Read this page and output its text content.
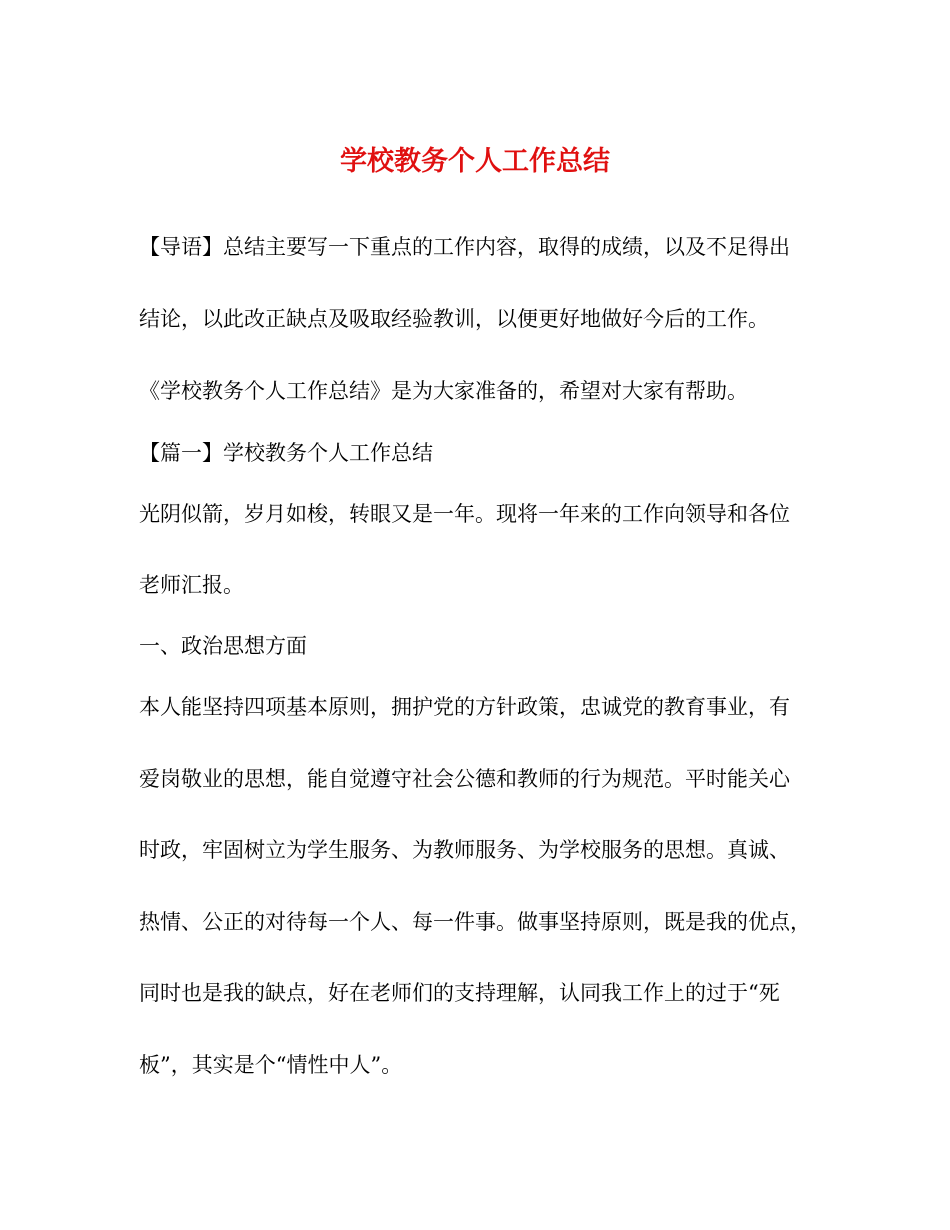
学校教务个人工作总结
【导语】总结主要写一下重点的工作内容，取得的成绩，以及不足得出
结论，以此改正缺点及吸取经验教训，以便更好地做好今后的工作。
《学校教务个人工作总结》是为大家准备的，希望对大家有帮助。
【篇一】学校教务个人工作总结
光阴似箭，岁月如梭，转眼又是一年。现将一年来的工作向领导和各位
老师汇报。
一、政治思想方面
本人能坚持四项基本原则，拥护党的方针政策，忠诚党的教育事业，有
爱岗敬业的思想，能自觉遵守社会公德和教师的行为规范。平时能关心
时政，牢固树立为学生服务、为教师服务、为学校服务的思想。真诚、
热情、公正的对待每一个人、每一件事。做事坚持原则，既是我的优点，
同时也是我的缺点，好在老师们的支持理解，认同我工作上的过于“死
板”，其实是个“情性中人”。
